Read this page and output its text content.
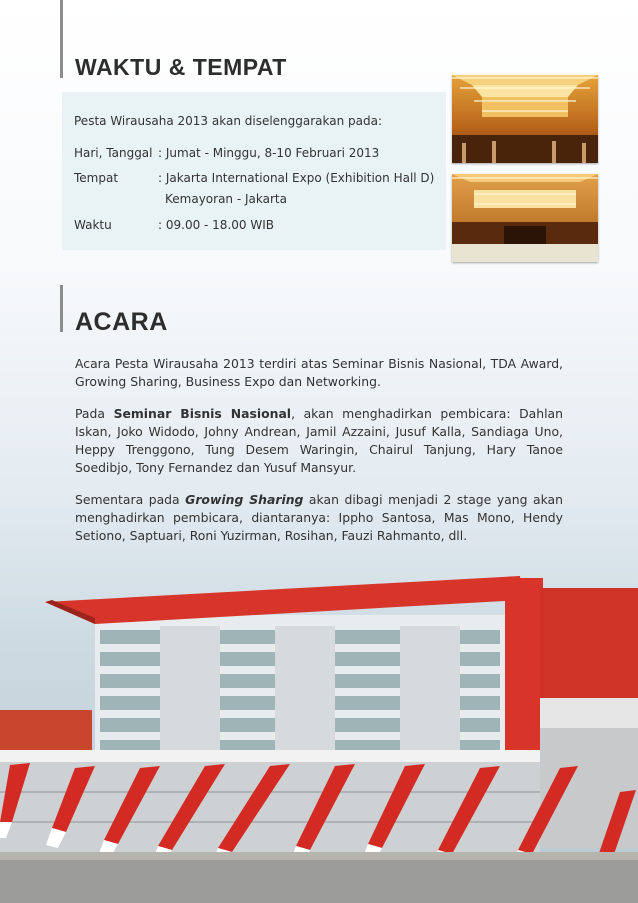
WAKTU & TEMPAT
Pesta Wirausaha 2013 akan diselenggarakan pada:
Hari, Tanggal : Jumat - Minggu, 8-10 Februari 2013
Tempat	: Jakarta International Expo (Exhibition Hall D)
Kemayoran - Jakarta
Waktu	: 09.00 - 18.00 WIB
ACARA

Acara Pesta Wirausaha 2013 terdiri atas Seminar Bisnis Nasional, TDA Award, Growing Sharing, Business Expo dan Networking.

Pada Seminar Bisnis Nasional, akan menghadirkan pembicara: Dahlan Iskan, Joko Widodo, Johny Andrean, Jamil Azzaini, Jusuf Kalla, Sandiaga Uno, Heppy Trenggono, Tung Desem Waringin, Chairul Tanjung, Hary Tanoe Soedibjo, Tony Fernandez dan Yusuf Mansyur.

Sementara pada Growing Sharing akan dibagi menjadi 2 stage yang akan menghadirkan pembicara, diantaranya: Ippho Santosa, Mas Mono, Hendy Setiono, Saptuari, Roni Yuzirman, Rosihan, Fauzi Rahmanto, dll.
